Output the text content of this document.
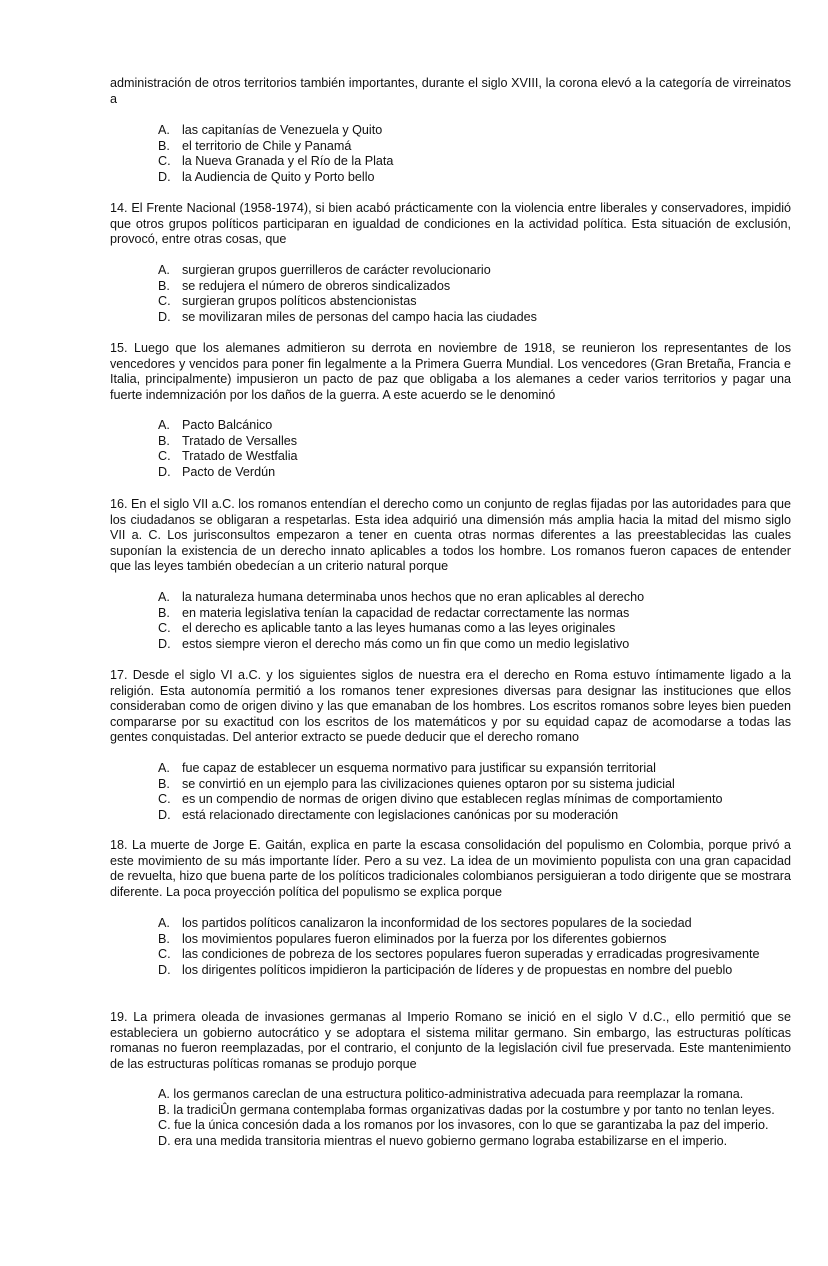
administración de otros territorios también importantes, durante el siglo XVIII, la corona elevó a la categoría de virreinatos a

A. las capitanías de Venezuela y Quito
B. el territorio de Chile y Panamá
C. la Nueva Granada y el Río de la Plata
D. la Audiencia de Quito y Porto bello

14. El Frente Nacional (1958-1974), si bien acabó prácticamente con la violencia entre liberales y conservadores, impidió que otros grupos políticos participaran en igualdad de condiciones en la actividad política. Esta situación de exclusión, provocó, entre otras cosas, que

A. surgieran grupos guerrilleros de carácter revolucionario
B. se redujera el número de obreros sindicalizados
C. surgieran grupos políticos abstencionistas
D. se movilizaran miles de personas del campo hacia las ciudades

15. Luego que los alemanes admitieron su derrota en noviembre de 1918, se reunieron los representantes de los vencedores y vencidos para poner fin legalmente a la Primera Guerra Mundial. Los vencedores (Gran Bretaña, Francia e Italia, principalmente) impusieron un pacto de paz que obligaba a los alemanes a ceder varios territorios y pagar una fuerte indemnización por los daños de la guerra. A este acuerdo se le denominó

A. Pacto Balcánico
B. Tratado de Versalles
C. Tratado de Westfalia
D. Pacto de Verdún

16. En el siglo VII a.C. los romanos entendían el derecho como un conjunto de reglas fijadas por las autoridades para que los ciudadanos se obligaran a respetarlas. Esta idea adquirió una dimensión más amplia hacia la mitad del mismo siglo VII a. C. Los jurisconsultos empezaron a tener en cuenta otras normas diferentes a las preestablecidas las cuales suponían la existencia de un derecho innato aplicables a todos los hombre. Los romanos fueron capaces de entender que las leyes también obedecían a un criterio natural porque

A. la naturaleza humana determinaba unos hechos que no eran aplicables al derecho
B. en materia legislativa tenían la capacidad de redactar correctamente las normas
C. el derecho es aplicable tanto a las leyes humanas como a las leyes originales
D. estos siempre vieron el derecho más como un fin que como un medio legislativo

17. Desde el siglo VI a.C. y los siguientes siglos de nuestra era el derecho en Roma estuvo íntimamente ligado a la religión. Esta autonomía permitió a los romanos tener expresiones diversas para designar las instituciones que ellos consideraban como de origen divino y las que emanaban de los hombres. Los escritos romanos sobre leyes bien pueden compararse por su exactitud con los escritos de los matemáticos y por su equidad capaz de acomodarse a todas las gentes conquistadas. Del anterior extracto se puede deducir que el derecho romano

A. fue capaz de establecer un esquema normativo para justificar su expansión territorial
B. se convirtió en un ejemplo para las civilizaciones quienes optaron por su sistema judicial
C. es un compendio de normas de origen divino que establecen reglas mínimas de comportamiento
D. está relacionado directamente con legislaciones canónicas por su moderación

18. La muerte de Jorge E. Gaitán, explica en parte la escasa consolidación del populismo en Colombia, porque privó a este movimiento de su más importante líder. Pero a su vez. La idea de un movimiento populista con una gran capacidad de revuelta, hizo que buena parte de los políticos tradicionales colombianos persiguieran a todo dirigente que se mostrara diferente. La poca proyección política del populismo se explica porque

A. los partidos políticos canalizaron la inconformidad de los sectores populares de la sociedad
B. los movimientos populares fueron eliminados por la fuerza por los diferentes gobiernos
C. las condiciones de pobreza de los sectores populares fueron superadas y erradicadas progresivamente
D. los dirigentes políticos impidieron la participación de líderes y de propuestas en nombre del pueblo

19. La primera oleada de invasiones germanas al Imperio Romano se inició en el siglo V d.C., ello permitió que se estableciera un gobierno autocrático y se adoptara el sistema militar germano. Sin embargo, las estructuras políticas romanas no fueron reemplazadas, por el contrario, el conjunto de la legislación civil fue preservada. Este mantenimiento de las estructuras políticas romanas se produjo porque

A. los germanos careclan de una estructura politico-administrativa adecuada para reemplazar la romana.
B. la tradiciÛn germana contemplaba formas organizativas dadas por la costumbre y por tanto no tenlan leyes.
C. fue la única concesión dada a los romanos por los invasores, con lo que se garantizaba la paz del imperio.
D. era una medida transitoria mientras el nuevo gobierno germano lograba estabilizarse en el imperio.
